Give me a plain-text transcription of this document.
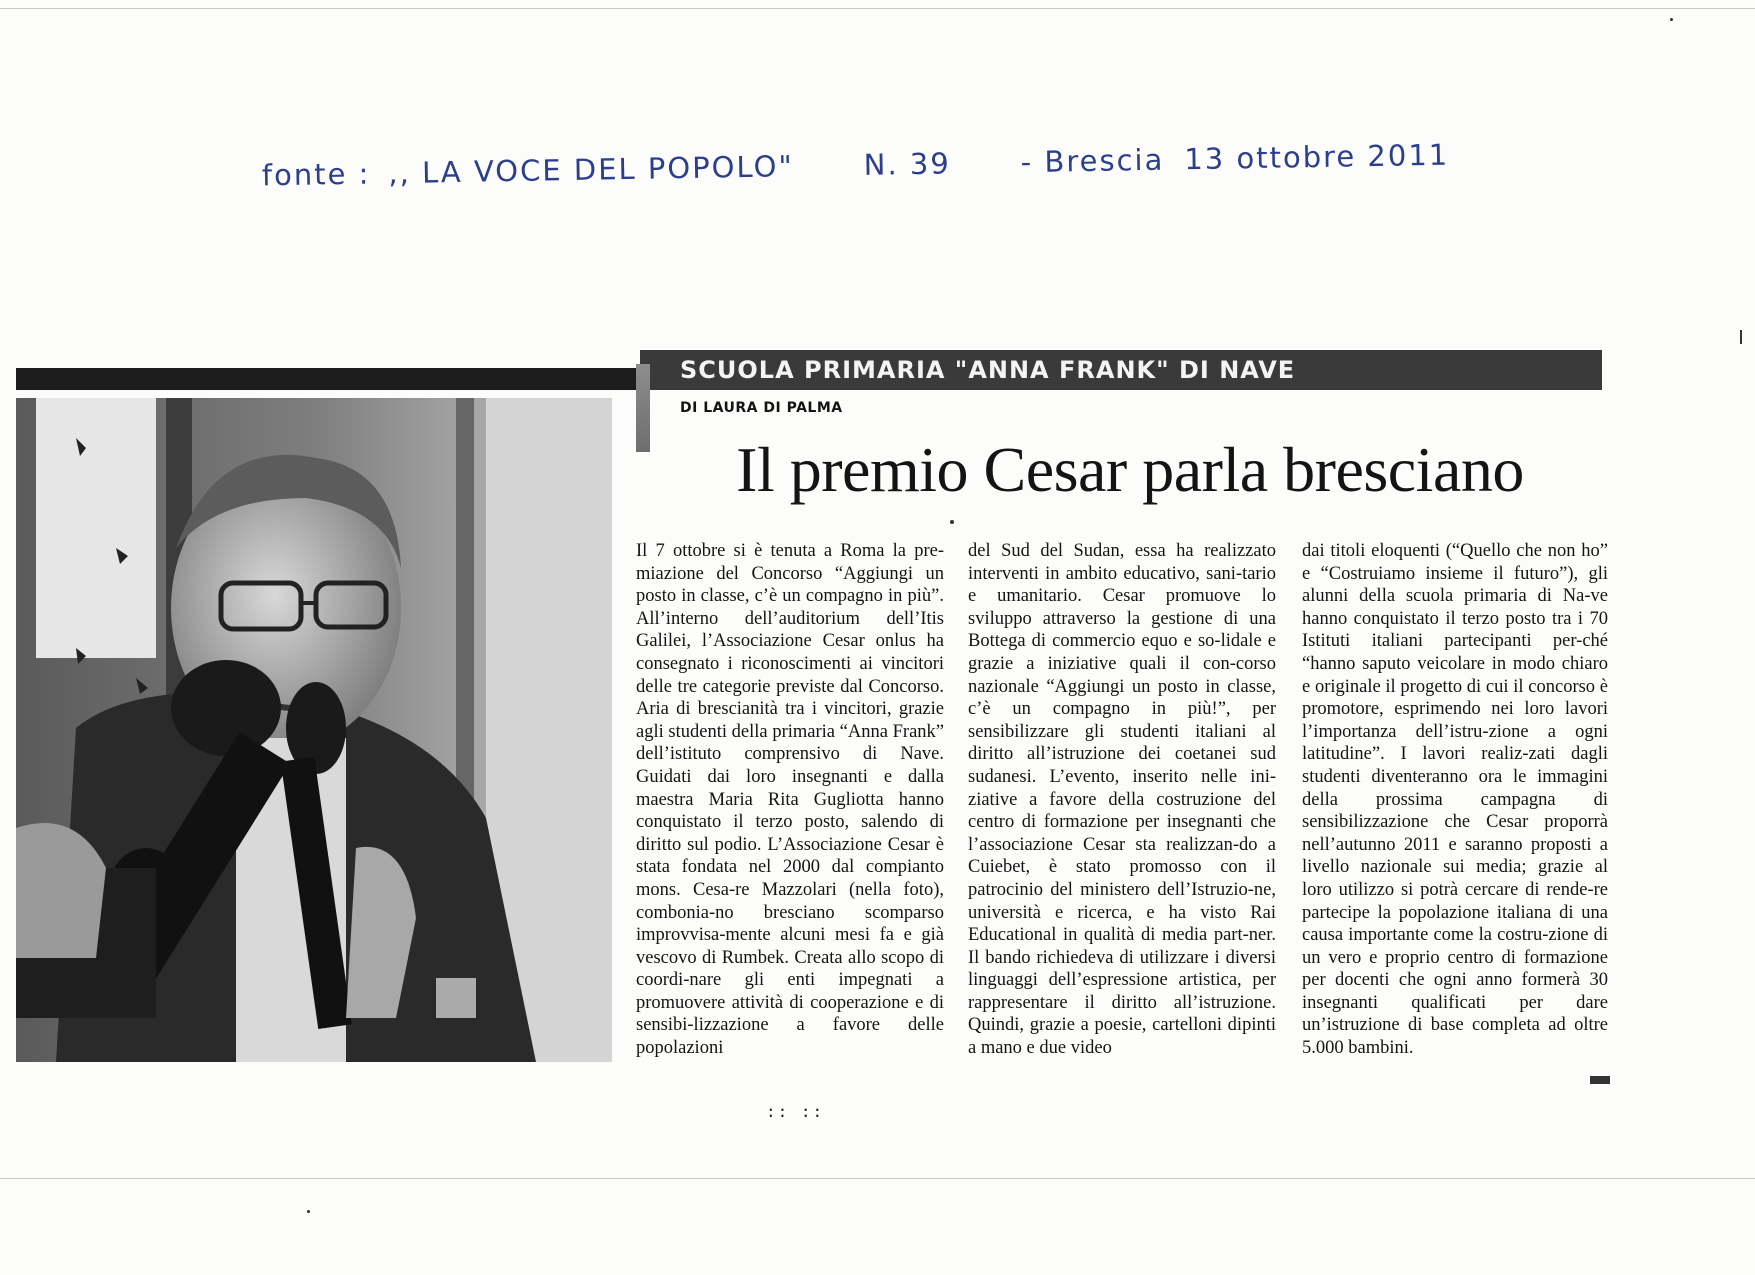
fonte : ,, LA VOCE DEL POPOLO" N. 39 - Brescia 13 ottobre 2011
SCUOLA PRIMARIA "ANNA FRANK" DI NAVE
DI LAURA DI PALMA
Il premio Cesar parla bresciano
Il 7 ottobre si è tenuta a Roma la pre-miazione del Concorso “Aggiungi un posto in classe, c’è un compagno in più”. All’interno dell’auditorium dell’Itis Galilei, l’Associazione Cesar onlus ha consegnato i riconoscimenti ai vincitori delle tre categorie previste dal Concorso. Aria di brescianità tra i vincitori, grazie agli studenti della primaria “Anna Frank” dell’istituto comprensivo di Nave. Guidati dai loro insegnanti e dalla maestra Maria Rita Gugliotta hanno conquistato il terzo posto, salendo di diritto sul podio. L’Associazione Cesar è stata fondata nel 2000 dal compianto mons. Cesa-re Mazzolari (nella foto), combonia-no bresciano scomparso improvvisa-mente alcuni mesi fa e già vescovo di Rumbek. Creata allo scopo di coordi-nare gli enti impegnati a promuovere attività di cooperazione e di sensibi-lizzazione a favore delle popolazioni
del Sud del Sudan, essa ha realizzato interventi in ambito educativo, sani-tario e umanitario. Cesar promuove lo sviluppo attraverso la gestione di una Bottega di commercio equo e so-lidale e grazie a iniziative quali il con-corso nazionale “Aggiungi un posto in classe, c’è un compagno in più!”, per sensibilizzare gli studenti italiani al diritto all’istruzione dei coetanei sud sudanesi. L’evento, inserito nelle ini-ziative a favore della costruzione del centro di formazione per insegnanti che l’associazione Cesar sta realizzan-do a Cuiebet, è stato promosso con il patrocinio del ministero dell’Istruzio-ne, università e ricerca, e ha visto Rai Educational in qualità di media part-ner. Il bando richiedeva di utilizzare i diversi linguaggi dell’espressione artistica, per rappresentare il diritto all’istruzione. Quindi, grazie a poesie, cartelloni dipinti a mano e due video
dai titoli eloquenti (“Quello che non ho” e “Costruiamo insieme il futuro”), gli alunni della scuola primaria di Na-ve hanno conquistato il terzo posto tra i 70 Istituti italiani partecipanti per-ché “hanno saputo veicolare in modo chiaro e originale il progetto di cui il concorso è promotore, esprimendo nei loro lavori l’importanza dell’istru-zione a ogni latitudine”. I lavori realiz-zati dagli studenti diventeranno ora le immagini della prossima campagna di sensibilizzazione che Cesar proporrà nell’autunno 2011 e saranno proposti a livello nazionale sui media; grazie al loro utilizzo si potrà cercare di rende-re partecipe la popolazione italiana di una causa importante come la costru-zione di un vero e proprio centro di formazione per docenti che ogni anno formerà 30 insegnanti qualificati per dare un’istruzione di base completa ad oltre 5.000 bambini.
:: ::
